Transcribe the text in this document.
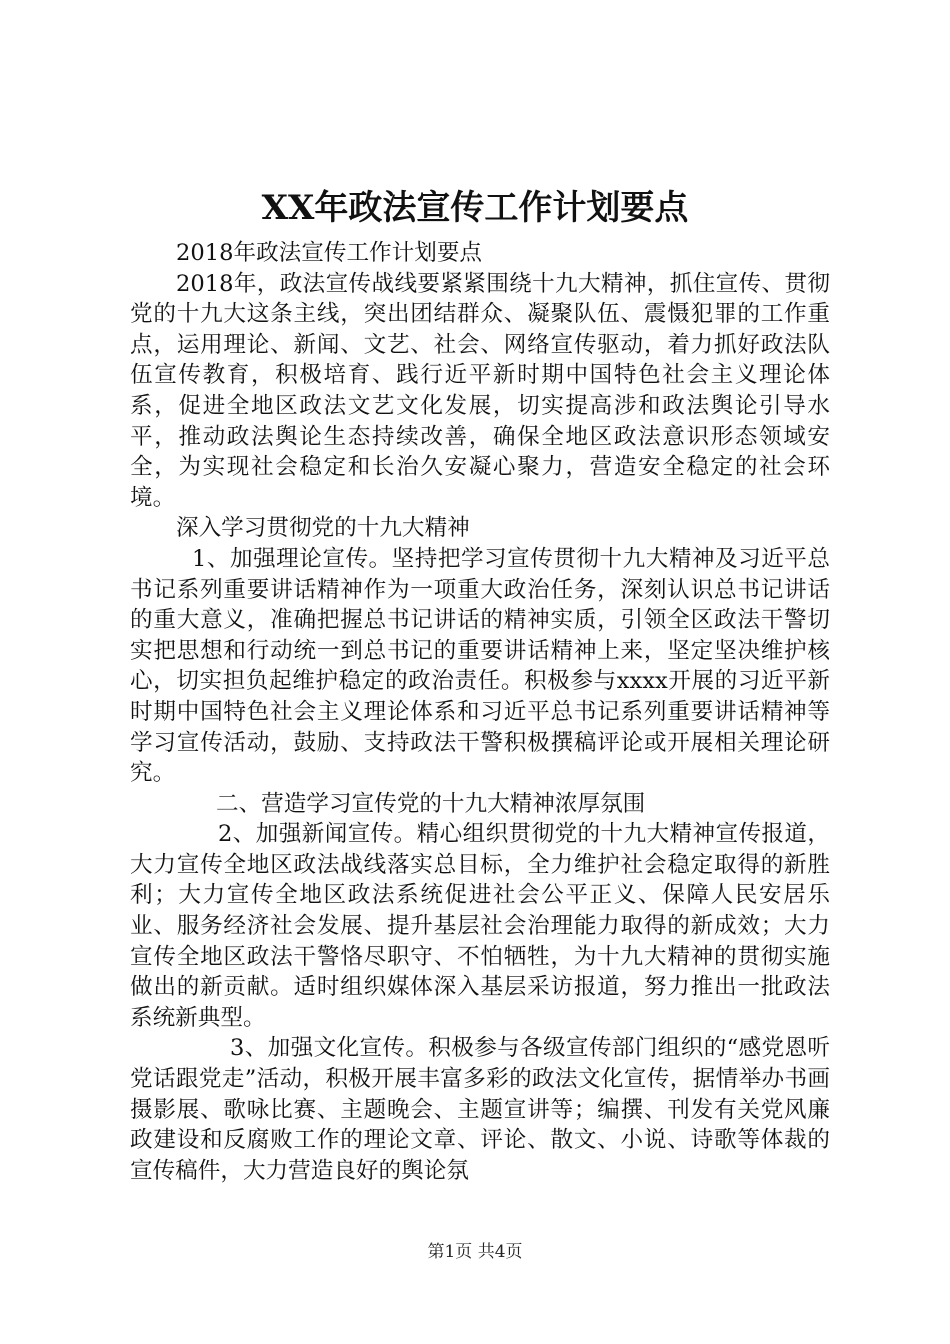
XX年政法宣传工作计划要点

2018年政法宣传工作计划要点

2018年，政法宣传战线要紧紧围绕十九大精神，抓住宣传、贯彻党的十九大这条主线，突出团结群众、凝聚队伍、震慑犯罪的工作重点，运用理论、新闻、文艺、社会、网络宣传驱动，着力抓好政法队伍宣传教育，积极培育、践行近平新时期中国特色社会主义理论体系，促进全地区政法文艺文化发展，切实提高涉和政法舆论引导水平，推动政法舆论生态持续改善，确保全地区政法意识形态领域安全，为实现社会稳定和长治久安凝心聚力，营造安全稳定的社会环境。

深入学习贯彻党的十九大精神

1、加强理论宣传。坚持把学习宣传贯彻十九大精神及习近平总书记系列重要讲话精神作为一项重大政治任务，深刻认识总书记讲话的重大意义，准确把握总书记讲话的精神实质，引领全区政法干警切实把思想和行动统一到总书记的重要讲话精神上来，坚定坚决维护核心，切实担负起维护稳定的政治责任。积极参与xxxx开展的习近平新时期中国特色社会主义理论体系和习近平总书记系列重要讲话精神等学习宣传活动，鼓励、支持政法干警积极撰稿评论或开展相关理论研究。

二、营造学习宣传党的十九大精神浓厚氛围

2、加强新闻宣传。精心组织贯彻党的十九大精神宣传报道，大力宣传全地区政法战线落实总目标，全力维护社会稳定取得的新胜利；大力宣传全地区政法系统促进社会公平正义、保障人民安居乐业、服务经济社会发展、提升基层社会治理能力取得的新成效；大力宣传全地区政法干警恪尽职守、不怕牺牲，为十九大精神的贯彻实施做出的新贡献。适时组织媒体深入基层采访报道，努力推出一批政法系统新典型。

3、加强文化宣传。积极参与各级宣传部门组织的“感党恩听党话跟党走”活动，积极开展丰富多彩的政法文化宣传，据情举办书画摄影展、歌咏比赛、主题晚会、主题宣讲等；编撰、刊发有关党风廉政建设和反腐败工作的理论文章、评论、散文、小说、诗歌等体裁的宣传稿件，大力营造良好的舆论氛

第1页 共4页
